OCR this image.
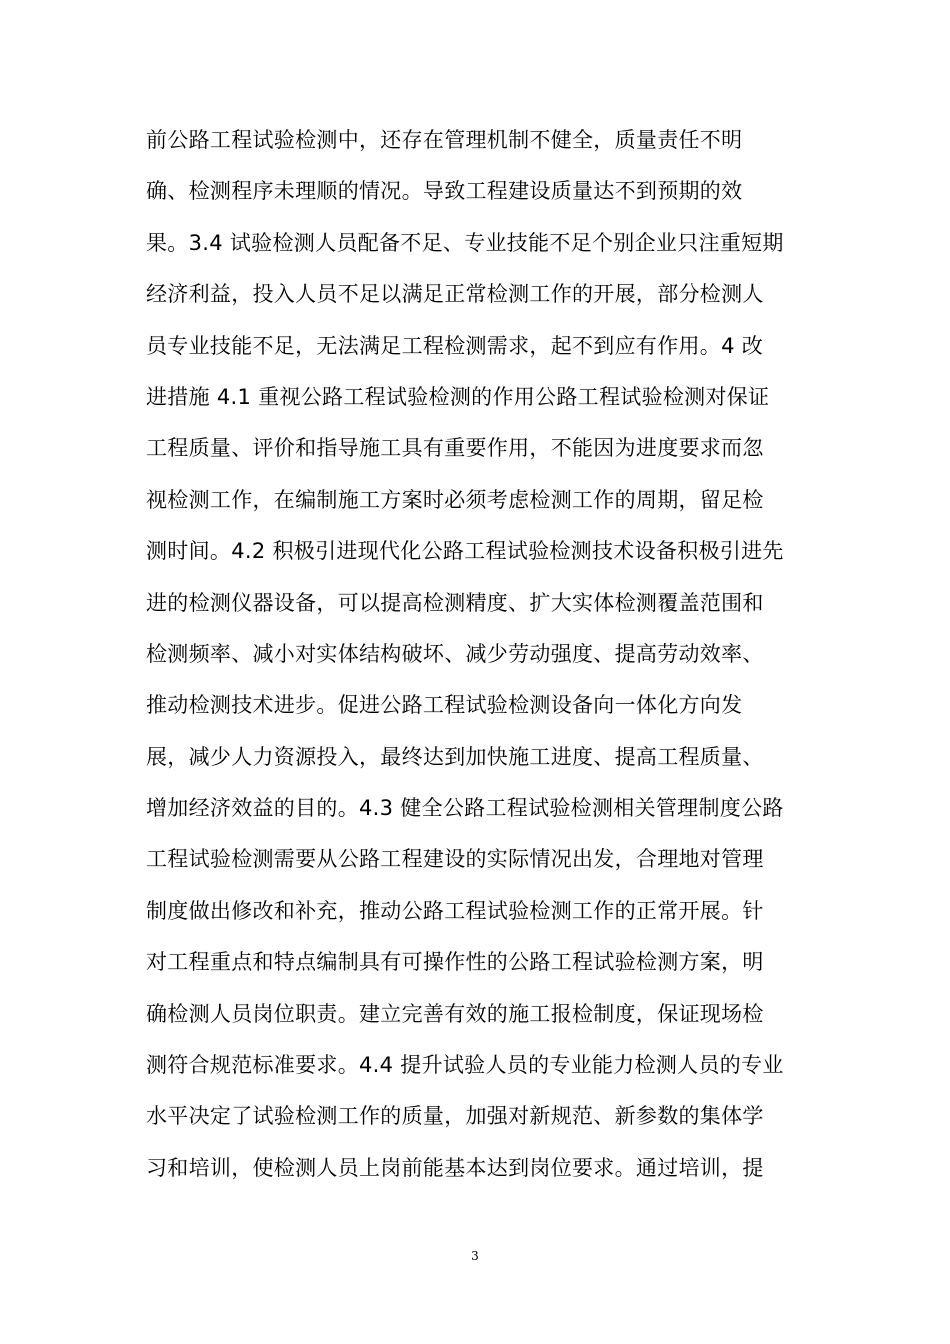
前公路工程试验检测中，还存在管理机制不健全，质量责任不明
确、检测程序未理顺的情况。导致工程建设质量达不到预期的效
果。3.4 试验检测人员配备不足、专业技能不足个别企业只注重短期
经济利益，投入人员不足以满足正常检测工作的开展，部分检测人
员专业技能不足，无法满足工程检测需求，起不到应有作用。4 改
进措施 4.1 重视公路工程试验检测的作用公路工程试验检测对保证
工程质量、评价和指导施工具有重要作用，不能因为进度要求而忽
视检测工作，在编制施工方案时必须考虑检测工作的周期，留足检
测时间。4.2 积极引进现代化公路工程试验检测技术设备积极引进先
进的检测仪器设备，可以提高检测精度、扩大实体检测覆盖范围和
检测频率、减小对实体结构破坏、减少劳动强度、提高劳动效率、
推动检测技术进步。促进公路工程试验检测设备向一体化方向发
展，减少人力资源投入，最终达到加快施工进度、提高工程质量、
增加经济效益的目的。4.3 健全公路工程试验检测相关管理制度公路
工程试验检测需要从公路工程建设的实际情况出发，合理地对管理
制度做出修改和补充，推动公路工程试验检测工作的正常开展。针
对工程重点和特点编制具有可操作性的公路工程试验检测方案，明
确检测人员岗位职责。建立完善有效的施工报检制度，保证现场检
测符合规范标准要求。4.4 提升试验人员的专业能力检测人员的专业
水平决定了试验检测工作的质量，加强对新规范、新参数的集体学
习和培训，使检测人员上岗前能基本达到岗位要求。通过培训，提
3
